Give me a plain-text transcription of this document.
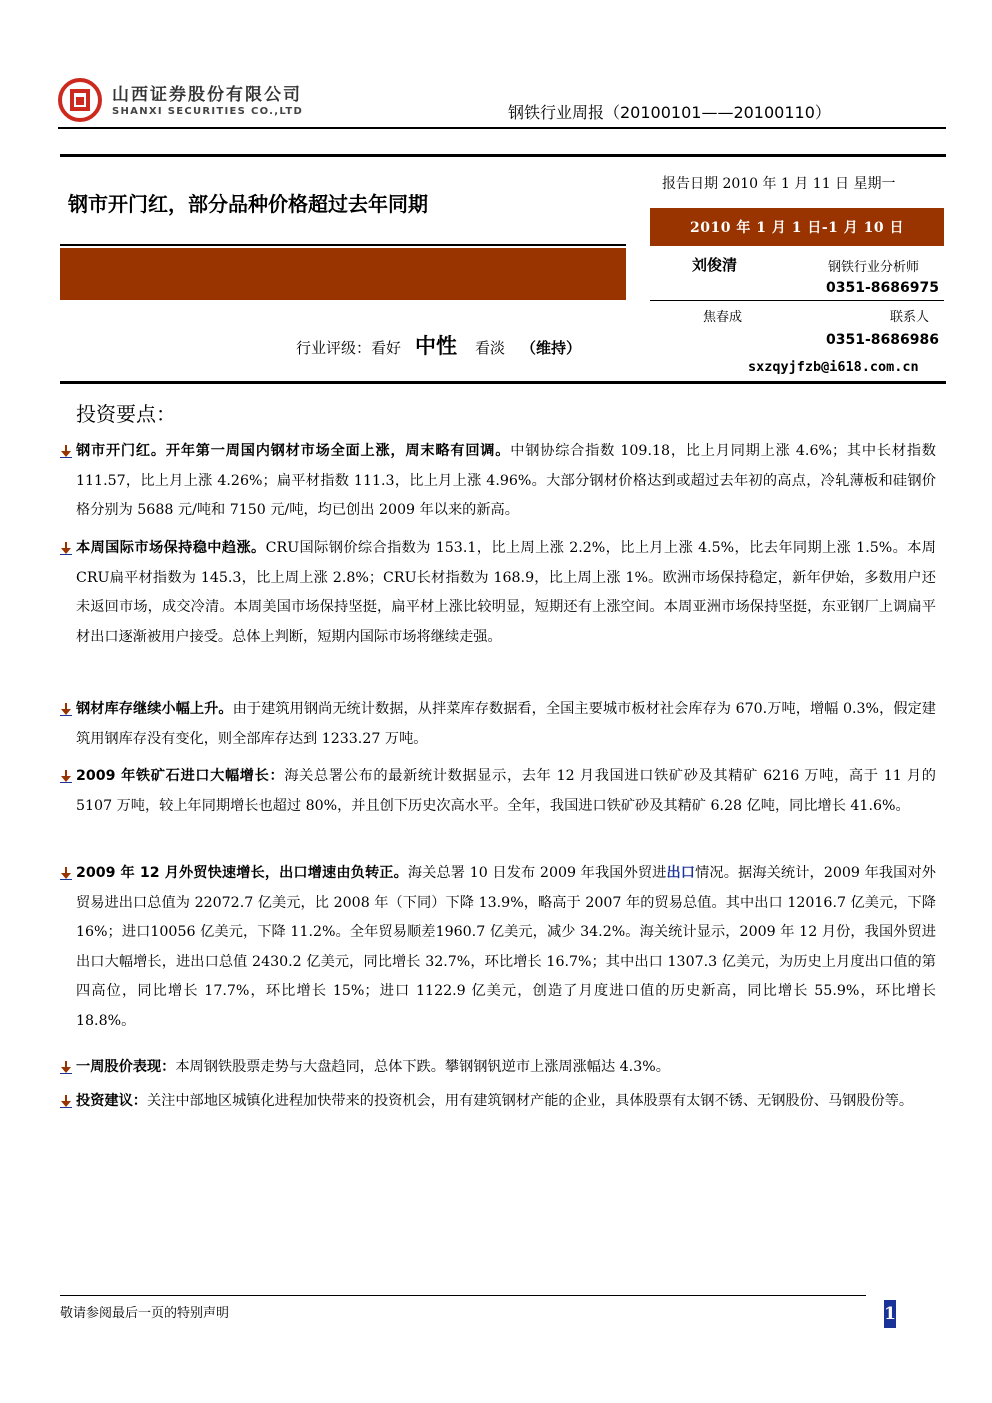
山西证券股份有限公司
SHANXI SECURITIES CO.,LTD	钢铁行业周报（20100101——20100110）
报告日期 2010 年 1 月 11 日 星期一
钢市开门红，部分品种价格超过去年同期
2010 年 1 月 1 日-1 月 10 日
刘俊清	钢铁行业分析师
0351-8686975
焦春成	联系人
0351-8686986
sxzqyjfzb@i618.com.cn
行业评级：看好 中性 看淡 （维持）
投资要点：
钢市开门红。开年第一周国内钢材市场全面上涨，周末略有回调。中钢协综合指数 109.18，比上月同期上涨 4.6%；其中长材指数 111.57，比上月上涨 4.26%；扁平材指数 111.3，比上月上涨 4.96%。大部分钢材价格达到或超过去年初的高点，冷轧薄板和硅钢价格分别为 5688 元/吨和 7150 元/吨，均已创出 2009 年以来的新高。
本周国际市场保持稳中趋涨。CRU国际钢价综合指数为 153.1，比上周上涨 2.2%，比上月上涨 4.5%，比去年同期上涨 1.5%。本周CRU扁平材指数为 145.3，比上周上涨 2.8%；CRU长材指数为 168.9，比上周上涨 1%。欧洲市场保持稳定，新年伊始，多数用户还未返回市场，成交冷清。本周美国市场保持坚挺，扁平材上涨比较明显，短期还有上涨空间。本周亚洲市场保持坚挺，东亚钢厂上调扁平材出口逐渐被用户接受。总体上判断，短期内国际市场将继续走强。
钢材库存继续小幅上升。由于建筑用钢尚无统计数据，从拌菜库存数据看，全国主要城市板材社会库存为 670.万吨，增幅 0.3%，假定建筑用钢库存没有变化，则全部库存达到 1233.27 万吨。
2009 年铁矿石进口大幅增长：海关总署公布的最新统计数据显示，去年 12 月我国进口铁矿砂及其精矿 6216 万吨，高于 11 月的 5107 万吨，较上年同期增长也超过 80%，并且创下历史次高水平。全年，我国进口铁矿砂及其精矿 6.28 亿吨，同比增长 41.6%。
2009 年 12 月外贸快速增长，出口增速由负转正。海关总署 10 日发布 2009 年我国外贸进出口情况。据海关统计，2009 年我国对外贸易进出口总值为 22072.7 亿美元，比 2008 年（下同）下降 13.9%，略高于 2007 年的贸易总值。其中出口 12016.7 亿美元，下降 16%；进口10056 亿美元，下降 11.2%。全年贸易顺差1960.7 亿美元，减少 34.2%。海关统计显示，2009 年 12 月份，我国外贸进出口大幅增长，进出口总值 2430.2 亿美元，同比增长 32.7%，环比增长 16.7%；其中出口 1307.3 亿美元，为历史上月度出口值的第四高位，同比增长 17.7%，环比增长 15%；进口 1122.9 亿美元，创造了月度进口值的历史新高，同比增长 55.9%，环比增长 18.8%。
一周股价表现：本周钢铁股票走势与大盘趋同，总体下跌。攀钢钢钒逆市上涨周涨幅达 4.3%。
投资建议：关注中部地区城镇化进程加快带来的投资机会，用有建筑钢材产能的企业，具体股票有太钢不锈、无钢股份、马钢股份等。
敬请参阅最后一页的特别声明	1
